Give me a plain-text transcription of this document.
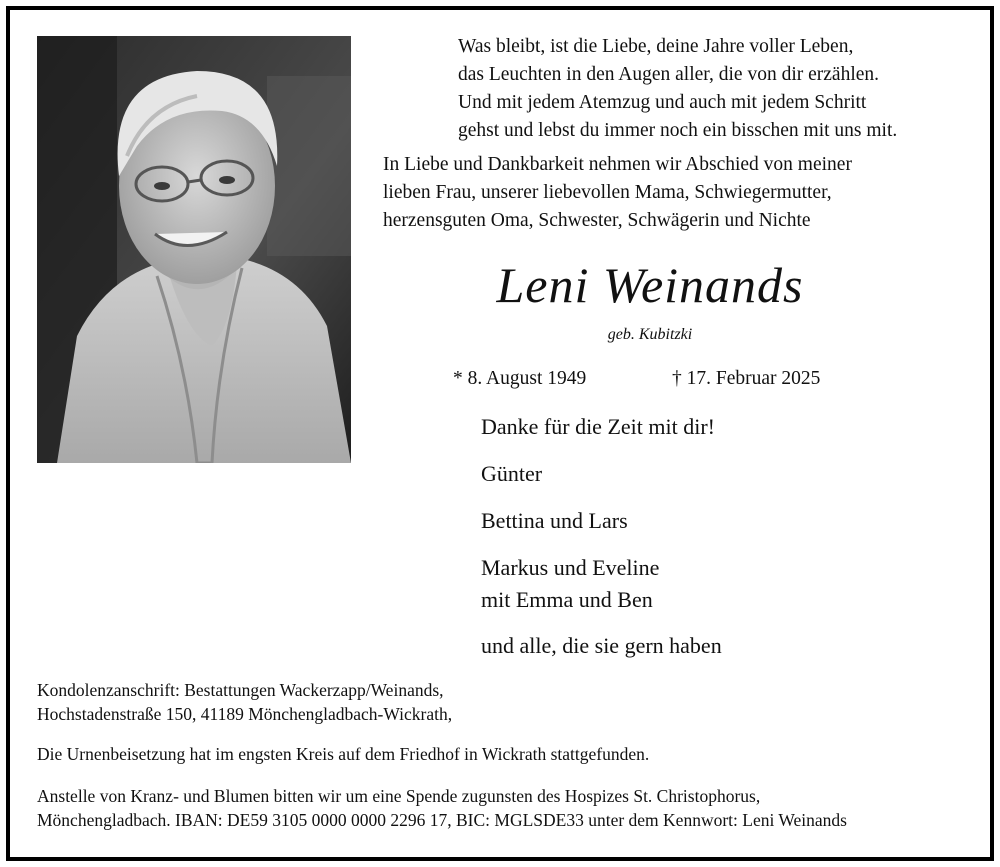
Was bleibt, ist die Liebe, deine Jahre voller Leben,
das Leuchten in den Augen aller, die von dir erzählen.
Und mit jedem Atemzug und auch mit jedem Schritt
gehst und lebst du immer noch ein bisschen mit uns mit.
In Liebe und Dankbarkeit nehmen wir Abschied von meiner
lieben Frau, unserer liebevollen Mama, Schwiegermutter,
herzensguten Oma, Schwester, Schwägerin und Nichte
Leni Weinands
geb. Kubitzki
* 8. August 1949	† 17. Februar 2025
Danke für die Zeit mit dir!
Günter
Bettina und Lars
Markus und Eveline
mit Emma und Ben
und alle, die sie gern haben
Kondolenzanschrift: Bestattungen Wackerzapp/Weinands,
Hochstadenstraße 150, 41189 Mönchengladbach-Wickrath,
Die Urnenbeisetzung hat im engsten Kreis auf dem Friedhof in Wickrath stattgefunden.
Anstelle von Kranz- und Blumen bitten wir um eine Spende zugunsten des Hospizes St. Christophorus,
Mönchengladbach. IBAN: DE59 3105 0000 0000 2296 17, BIC: MGLSDE33 unter dem Kennwort: Leni Weinands
